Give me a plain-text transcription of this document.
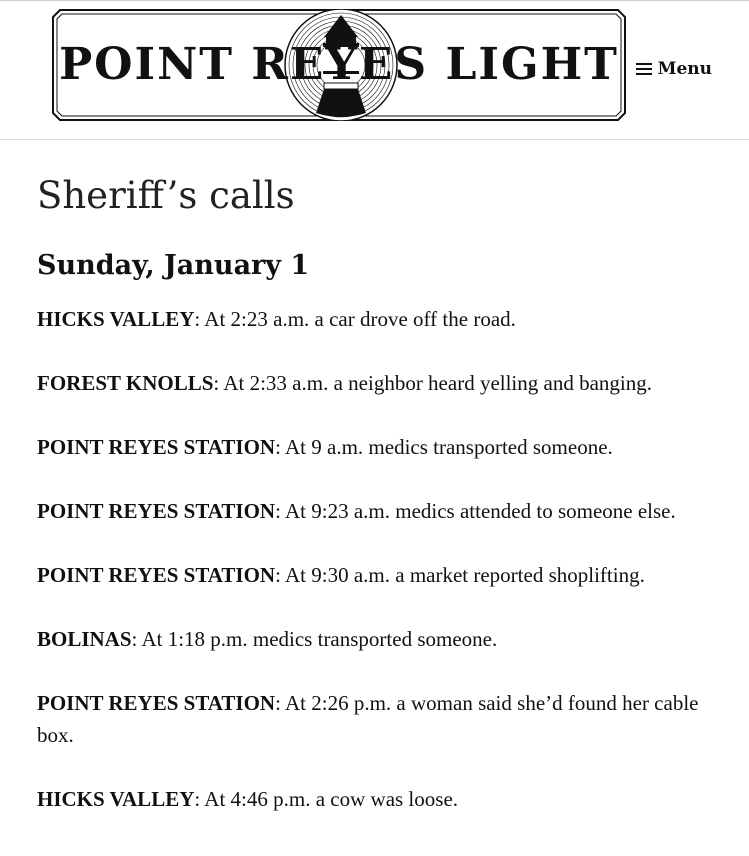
POINT REYES LIGHT	Menu
Sheriff’s calls
Sunday, January 1

HICKS VALLEY: At 2:23 a.m. a car drove off the road.

FOREST KNOLLS: At 2:33 a.m. a neighbor heard yelling and banging.

POINT REYES STATION: At 9 a.m. medics transported someone.

POINT REYES STATION: At 9:23 a.m. medics attended to someone else.

POINT REYES STATION: At 9:30 a.m. a market reported shoplifting.

BOLINAS: At 1:18 p.m. medics transported someone.

POINT REYES STATION: At 2:26 p.m. a woman said she’d found her cable box.

HICKS VALLEY: At 4:46 p.m. a cow was loose.
